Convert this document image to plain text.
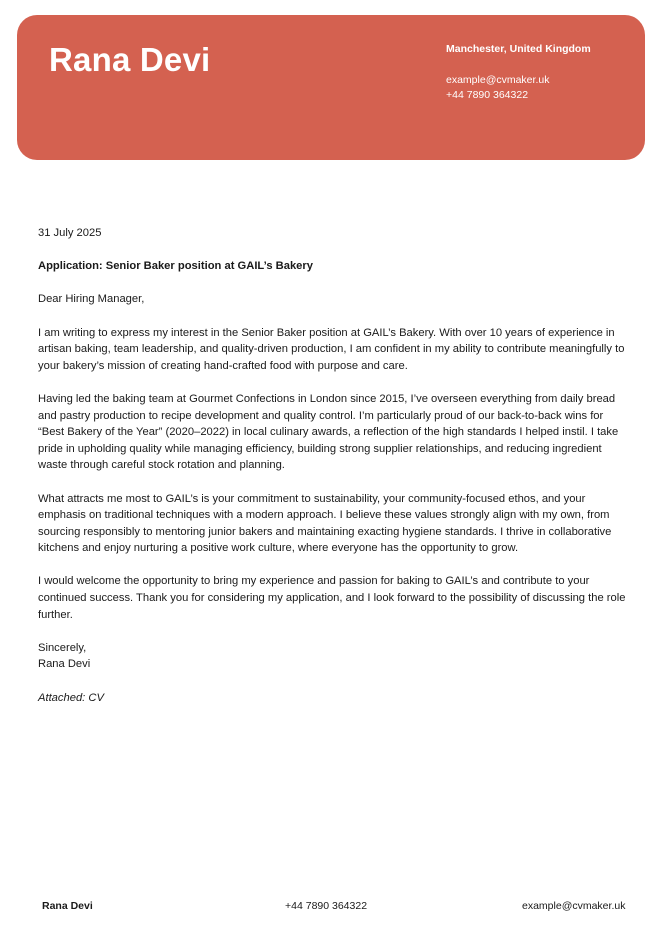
Rana Devi	Manchester, United Kingdom
example@cvmaker.uk
+44 7890 364322

31 July 2025

Application: Senior Baker position at GAIL’s Bakery

Dear Hiring Manager,

I am writing to express my interest in the Senior Baker position at GAIL’s Bakery. With over 10 years of experience in artisan baking, team leadership, and quality-driven production, I am confident in my ability to contribute meaningfully to your bakery’s mission of creating hand-crafted food with purpose and care.

Having led the baking team at Gourmet Confections in London since 2015, I’ve overseen everything from daily bread and pastry production to recipe development and quality control. I’m particularly proud of our back-to-back wins for “Best Bakery of the Year” (2020–2022) in local culinary awards, a reflection of the high standards I helped instil. I take pride in upholding quality while managing efficiency, building strong supplier relationships, and reducing ingredient waste through careful stock rotation and planning.

What attracts me most to GAIL’s is your commitment to sustainability, your community-focused ethos, and your emphasis on traditional techniques with a modern approach. I believe these values strongly align with my own, from sourcing responsibly to mentoring junior bakers and maintaining exacting hygiene standards. I thrive in collaborative kitchens and enjoy nurturing a positive work culture, where everyone has the opportunity to grow.

I would welcome the opportunity to bring my experience and passion for baking to GAIL’s and contribute to your continued success. Thank you for considering my application, and I look forward to the possibility of discussing the role further.

Sincerely,
Rana Devi

Attached: CV

Rana Devi	+44 7890 364322	example@cvmaker.uk
